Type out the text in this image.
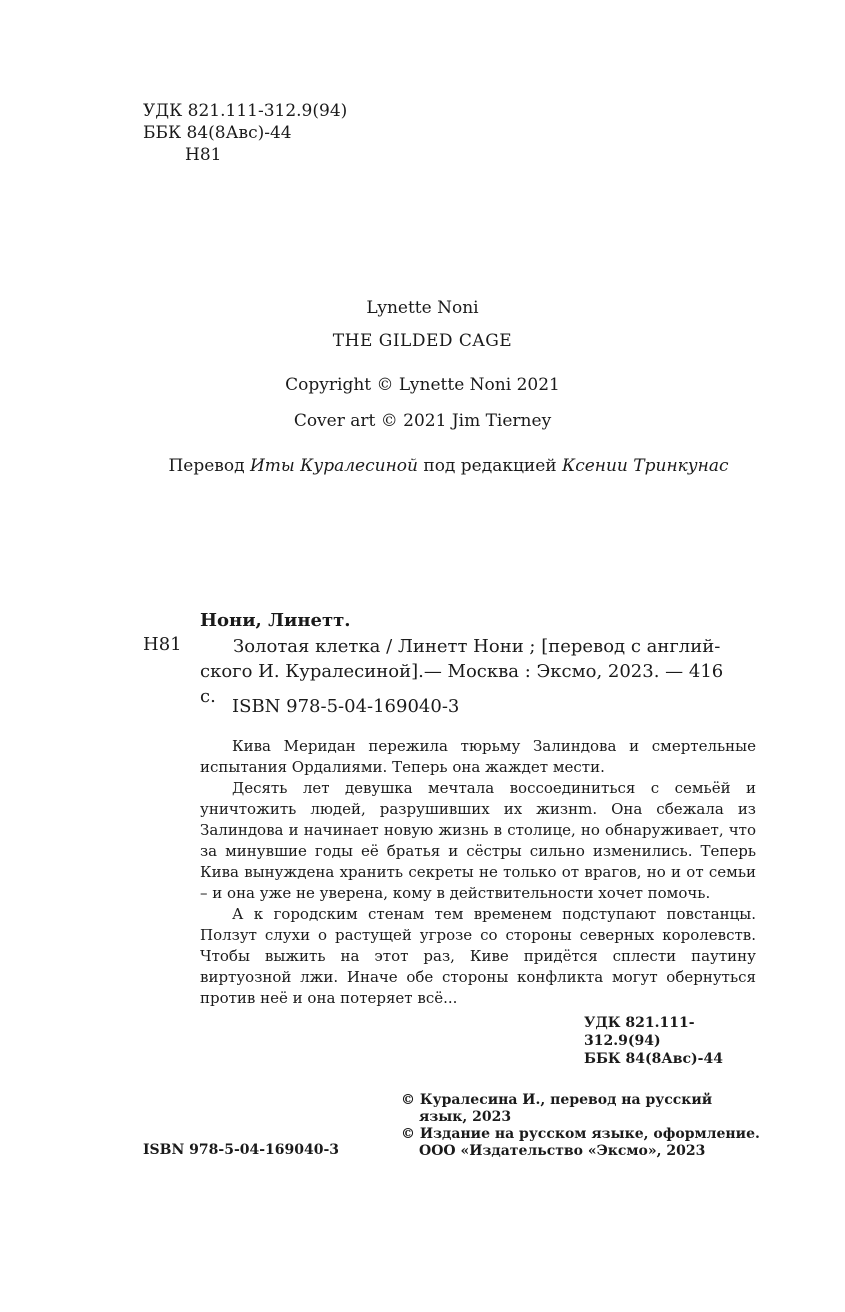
УДК 821.111-312.9(94)
ББК 84(8Авс)-44
Н81
Lynette Noni
THE GILDED CAGE
Copyright © Lynette Noni 2021
Cover art © 2021 Jim Tierney
Перевод Иты Куралесиной под редакцией Ксении Тринкунас
Нони, Линетт.
Н81	Золотая клетка / Линетт Нони ; [перевод с англий-
ского И. Куралесиной].— Москва : Эксмо, 2023. — 416 с. ISBN 978-5-04-169040-3

Кива Меридан пережила тюрьму Залиндова и смертельные испытания Ордалиями. Теперь она жаждет мести.

Десять лет девушка мечтала воссоединиться с семьёй и уничтожить людей, разрушивших их жизнm. Она сбежала из Залиндова и начинает новую жизнь в столице, но обнаруживает, что за минувшие годы её братья и сёстры сильно изменились. Теперь Кива вынуждена хранить секреты не только от врагов, но и от семьи – и она уже не уверена, кому в действительности хочет помочь.

А к городским стенам тем временем подступают повстанцы. Ползут слухи о растущей угрозе со стороны северных королевств. Чтобы выжить на этот раз, Киве придётся сплести паутину виртуозной лжи. Иначе обе стороны конфликта могут обернуться против неё и она потеряет всё...

УДК 821.111-312.9(94)
ББК 84(8Авс)-44
© Куралесина И., перевод на русский
язык, 2023
© Издание на русском языке, оформление.
ООО «Издательство «Эксмо», 2023
ISBN 978-5-04-169040-3
